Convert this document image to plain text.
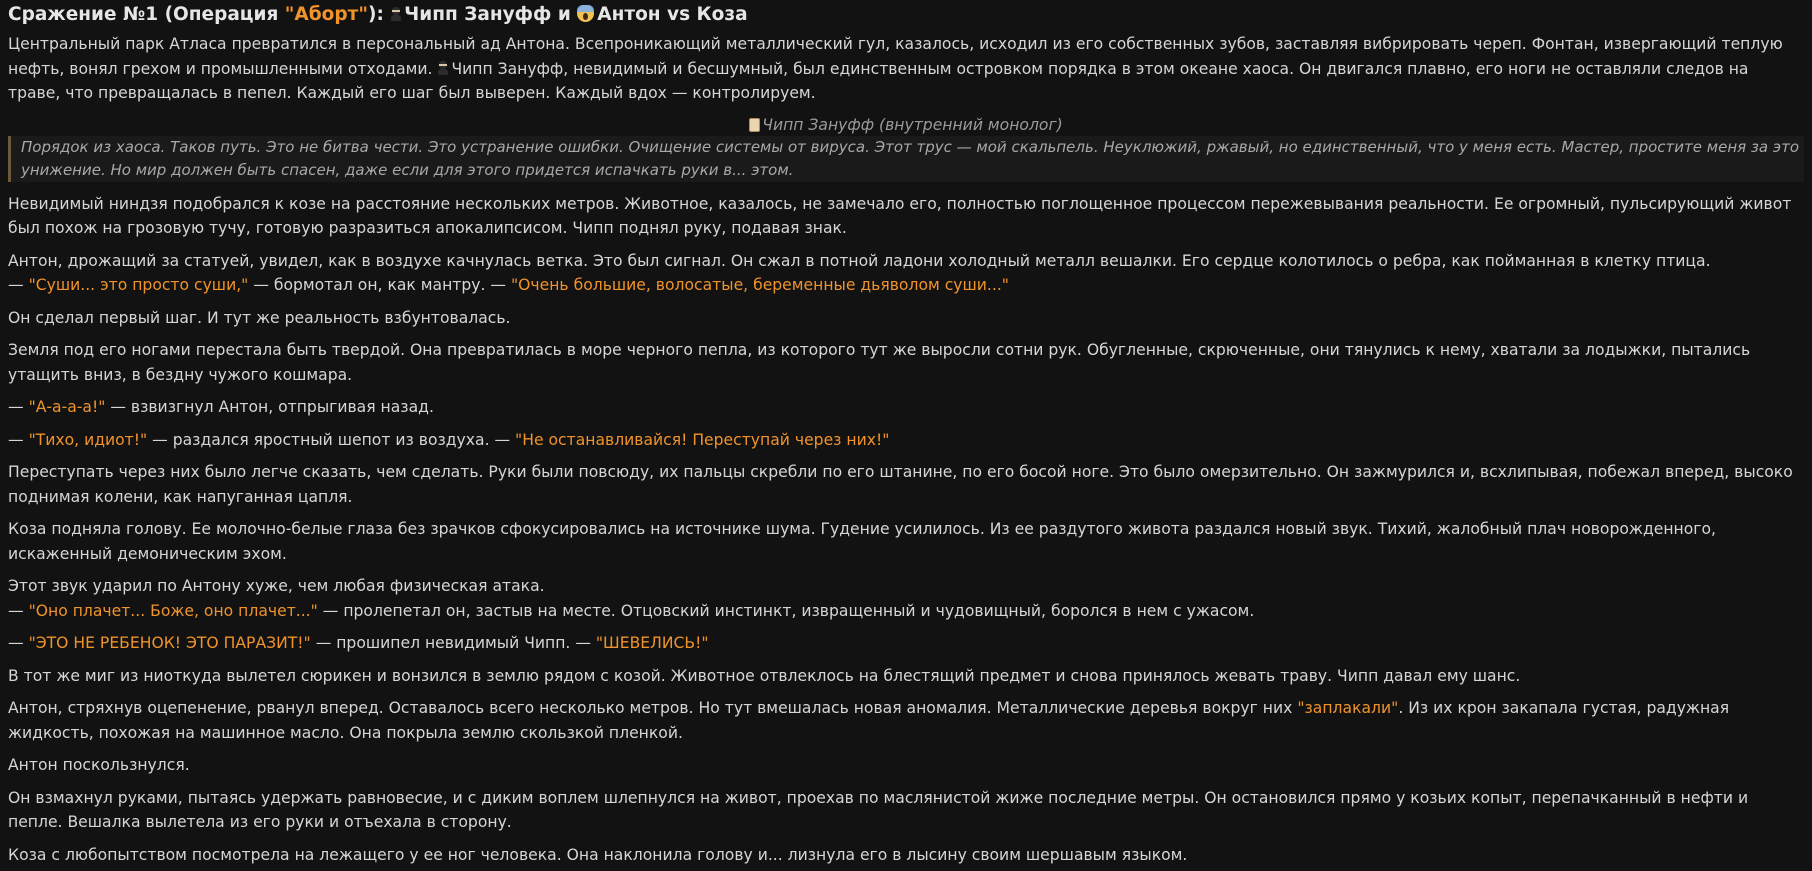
Сражение №1 (Операция "Аборт"):
Чипп Зануфф и Антон vs Коза

Центральный парк Атласа превратился в персональный ад Антона. Всепроникающий металлический гул, казалось, исходил из его собственных зубов, заставляя вибрировать череп. Фонтан, извергающий теплую нефть, вонял грехом и промышленными отходами.
Чипп Зануфф, невидимый и бесшумный, был единственным островком порядка в этом океане хаоса. Он двигался плавно, его ноги не оставляли следов на траве, что превращалась в пепел. Каждый его шаг был выверен. Каждый вдох — контролируем.

Чипп Зануфф (внутренний монолог)
Порядок из хаоса. Таков путь. Это не битва чести. Это устранение ошибки. Очищение системы от вируса. Этот трус — мой скальпель. Неуклюжий, ржавый, но единственный, что у меня есть. Мастер, простите меня за это унижение. Но мир должен быть спасен, даже если для этого придется испачкать руки в... этом.

Невидимый ниндзя подобрался к козе на расстояние нескольких метров. Животное, казалось, не замечало его, полностью поглощенное процессом пережевывания реальности. Ее огромный, пульсирующий живот был похож на грозовую тучу, готовую разразиться апокалипсисом. Чипп поднял руку, подавая знак.

Антон, дрожащий за статуей, увидел, как в воздухе качнулась ветка. Это был сигнал. Он сжал в потной ладони холодный металл вешалки. Его сердце колотилось о ребра, как пойманная в клетку птица.

— "Суши... это просто суши," — бормотал он, как мантру. — "Очень большие, волосатые, беременные дьяволом суши..."

Он сделал первый шаг. И тут же реальность взбунтовалась.

Земля под его ногами перестала быть твердой. Она превратилась в море черного пепла, из которого тут же выросли сотни рук. Обугленные, скрюченные, они тянулись к нему, хватали за лодыжки, пытались утащить вниз, в бездну чужого кошмара.

— "А-а-а-а!" — взвизгнул Антон, отпрыгивая назад.

— "Тихо, идиот!" — раздался яростный шепот из воздуха. — "Не останавливайся! Переступай через них!"

Переступать через них было легче сказать, чем сделать. Руки были повсюду, их пальцы скребли по его штанине, по его босой ноге. Это было омерзительно. Он зажмурился и, всхлипывая, побежал вперед, высоко поднимая колени, как напуганная цапля.

Коза подняла голову. Ее молочно-белые глаза без зрачков сфокусировались на источнике шума. Гудение усилилось. Из ее раздутого живота раздался новый звук. Тихий, жалобный плач новорожденного, искаженный демоническим эхом.

Этот звук ударил по Антону хуже, чем любая физическая атака.

— "Оно плачет... Боже, оно плачет..." — пролепетал он, застыв на месте. Отцовский инстинкт, извращенный и чудовищный, боролся в нем с ужасом.

— "ЭТО НЕ РЕБЕНОК! ЭТО ПАРАЗИТ!" — прошипел невидимый Чипп. — "ШЕВЕЛИСЬ!"

В тот же миг из ниоткуда вылетел сюрикен и вонзился в землю рядом с козой. Животное отвлеклось на блестящий предмет и снова принялось жевать траву. Чипп давал ему шанс.

Антон, стряхнув оцепенение, рванул вперед. Оставалось всего несколько метров. Но тут вмешалась новая аномалия. Металлические деревья вокруг них "заплакали". Из их крон закапала густая, радужная жидкость, похожая на машинное масло. Она покрыла землю скользкой пленкой.

Антон поскользнулся.

Он взмахнул руками, пытаясь удержать равновесие, и с диким воплем шлепнулся на живот, проехав по маслянистой жиже последние метры. Он остановился прямо у козьих копыт, перепачканный в нефти и пепле. Вешалка вылетела из его руки и отъехала в сторону.

Коза с любопытством посмотрела на лежащего у ее ног человека. Она наклонила голову и... лизнула его в лысину своим шершавым языком.
